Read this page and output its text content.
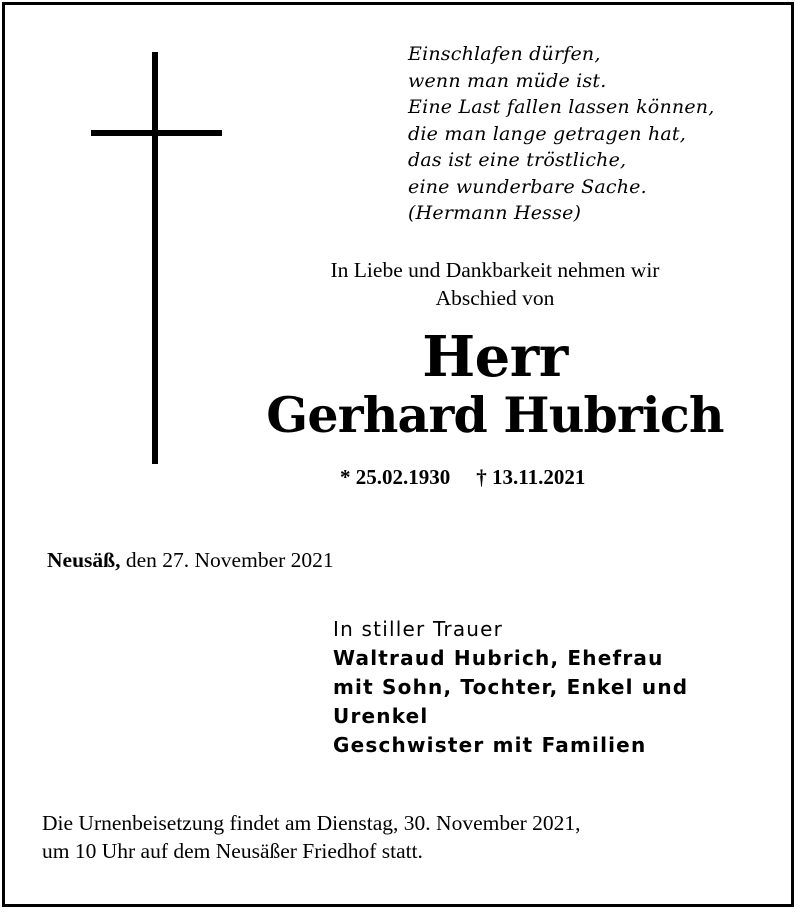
Einschlafen dürfen,
wenn man müde ist.
Eine Last fallen lassen können,
die man lange getragen hat,
das ist eine tröstliche,
eine wunderbare Sache.
(Hermann Hesse)
In Liebe und Dankbarkeit nehmen wir
Abschied von
Herr
Gerhard Hubrich
* 25.02.1930 † 13.11.2021
Neusäß, den 27. November 2021
In stiller Trauer
Waltraud Hubrich, Ehefrau
mit Sohn, Tochter, Enkel und
Urenkel
Geschwister mit Familien
Die Urnenbeisetzung findet am Dienstag, 30. November 2021,
um 10 Uhr auf dem Neusäßer Friedhof statt.
